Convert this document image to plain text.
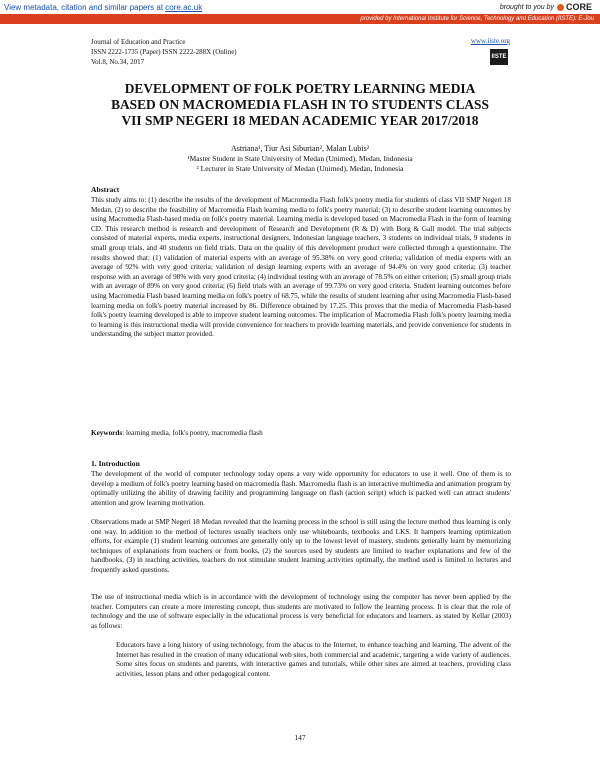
View metadata, citation and similar papers at core.ac.uk	brought to you by CORE
provided by International Institute for Science, Technology and Education (IISTE): E-Jou
Journal of Education and Practice
ISSN 2222-1735 (Paper) ISSN 2222-288X (Online)
Vol.8, No.34, 2017
www.iiste.org
IISTE
DEVELOPMENT OF FOLK POETRY LEARNING MEDIA
BASED ON MACROMEDIA FLASH IN TO STUDENTS CLASS
VII SMP NEGERI 18 MEDAN ACADEMIC YEAR 2017/2018
Astriana¹, Tiur Asi Siburian², Malan Lubis²
¹Master Student in State University of Medan (Unimed), Medan, Indonesia
² Lecturer in State University of Medan (Unimed), Medan, Indonesia
Abstract
This study aims to: (1) describe the results of the development of Macromedia Flash folk's poetry media for students of class VII SMP Negeri 18 Medan, (2) to describe the feasibility of Macromedia Flash learning media to folk's poetry material; (3) to describe student learning outcomes by using Macromedia Flash-based media on folk's poetry material. Learning media is developed based on Macromedia Flash in the form of learning CD. This research method is research and development of Research and Development (R & D) with Borg & Gall model. The trial subjects consisted of material experts, media experts, instructional designers, Indonesian language teachers, 3 students on individual trials, 9 students in small group trials, and 40 students on field trials. Data on the quality of this development product were collected through a questionnaire. The results showed that: (1) validation of material experts with an average of 95.38% on very good criteria; validation of media experts with an average of 92% with very good criteria; validation of design learning experts with an average of 94.4% on very good criteria; (3) teacher response with an average of 98% with very good criteria; (4) individual testing with an average of 78.5% on either criterion; (5) small group trials with an average of 89% on very good criteria; (6) field trials with an average of 99.73% on very good criteria. Student learning outcomes before using Macromedia Flash based learning media on folk's poetry of 68.75, while the results of student learning after using Macromedia Flash-based learning media on folk's poetry material increased by 86. Difference obtained by 17.25. This proves that the media of Macromedia Flash-based folk's poetry learning developed is able to improve student learning outcomes. The implication of Macromedia Flash folk's poetry learning media to learning is this instructional media will provide convenience for teachers to provide learning materials, and provide convenience for students in understanding the subject matter provided.
Keywords: learning media, folk's poetry, macromedia flash
1. Introduction
The development of the world of computer technology today opens a very wide opportunity for educators to use it well. One of them is to develop a medium of folk's poetry learning based on macromedia flash. Macromedia flash is an interactive multimedia and animation program by optimally utilizing the ability of drawing facility and programming language on flash (action script) which is packed well can attract students' attention and grow learning motivation.
Observations made at SMP Negeri 18 Medan revealed that the learning process in the school is still using the lecture method thus learning is only one way. In addition to the method of lectures usually teachers only use whiteboards, textbooks and LKS. It hampers learning optimization efforts, for example (1) student learning outcomes are generally only up to the lowest level of mastery, students generally learn by memorizing techniques of explanations from teachers or from books, (2) the sources used by students are limited to teacher explanations and few of the handbooks, (3) in teaching activities, teachers do not stimulate student learning activities optimally, the method used is limited to lectures and frequently asked questions.
The use of instructional media which is in accordance with the development of technology using the computer has never been applied by the teacher. Computers can create a more interesting concept, thus students are motivated to follow the learning process. It is clear that the role of technology and the use of software especially in the educational process is very beneficial for educators and learners. as stated by Kellar (2003) as follows:
Educators have a long history of using technology, from the abacus to the Internet, to enhance teaching and learning. The advent of the Internet has resulted in the creation of many educational web sites, both commercial and academic, targeting a wide variety of audiences. Some sites focus on students and parents, with interactive games and tutorials, while other sites are aimed at teachers, providing class activities, lesson plans and other pedagogical content.
147
